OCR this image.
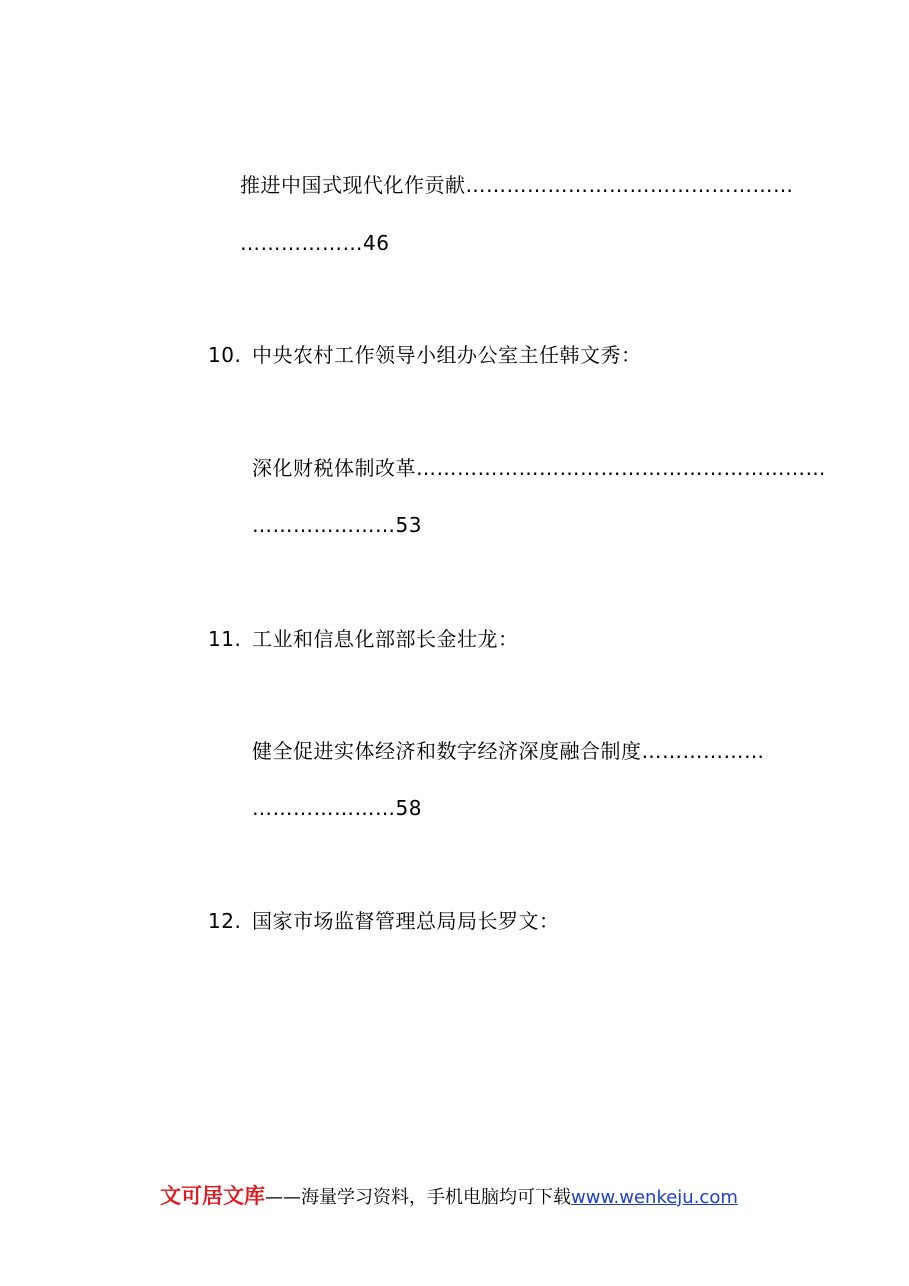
推进中国式现代化作贡献…………………………………………
………………46
10. 中央农村工作领导小组办公室主任韩文秀：
深化财税体制改革……………………………………………………
…………………53
11. 工业和信息化部部长金壮龙：
健全促进实体经济和数字经济深度融合制度………………
…………………58
12. 国家市场监督管理总局局长罗文：
文可居文库——海量学习资料，手机电脑均可下载www.wenkeju.com
